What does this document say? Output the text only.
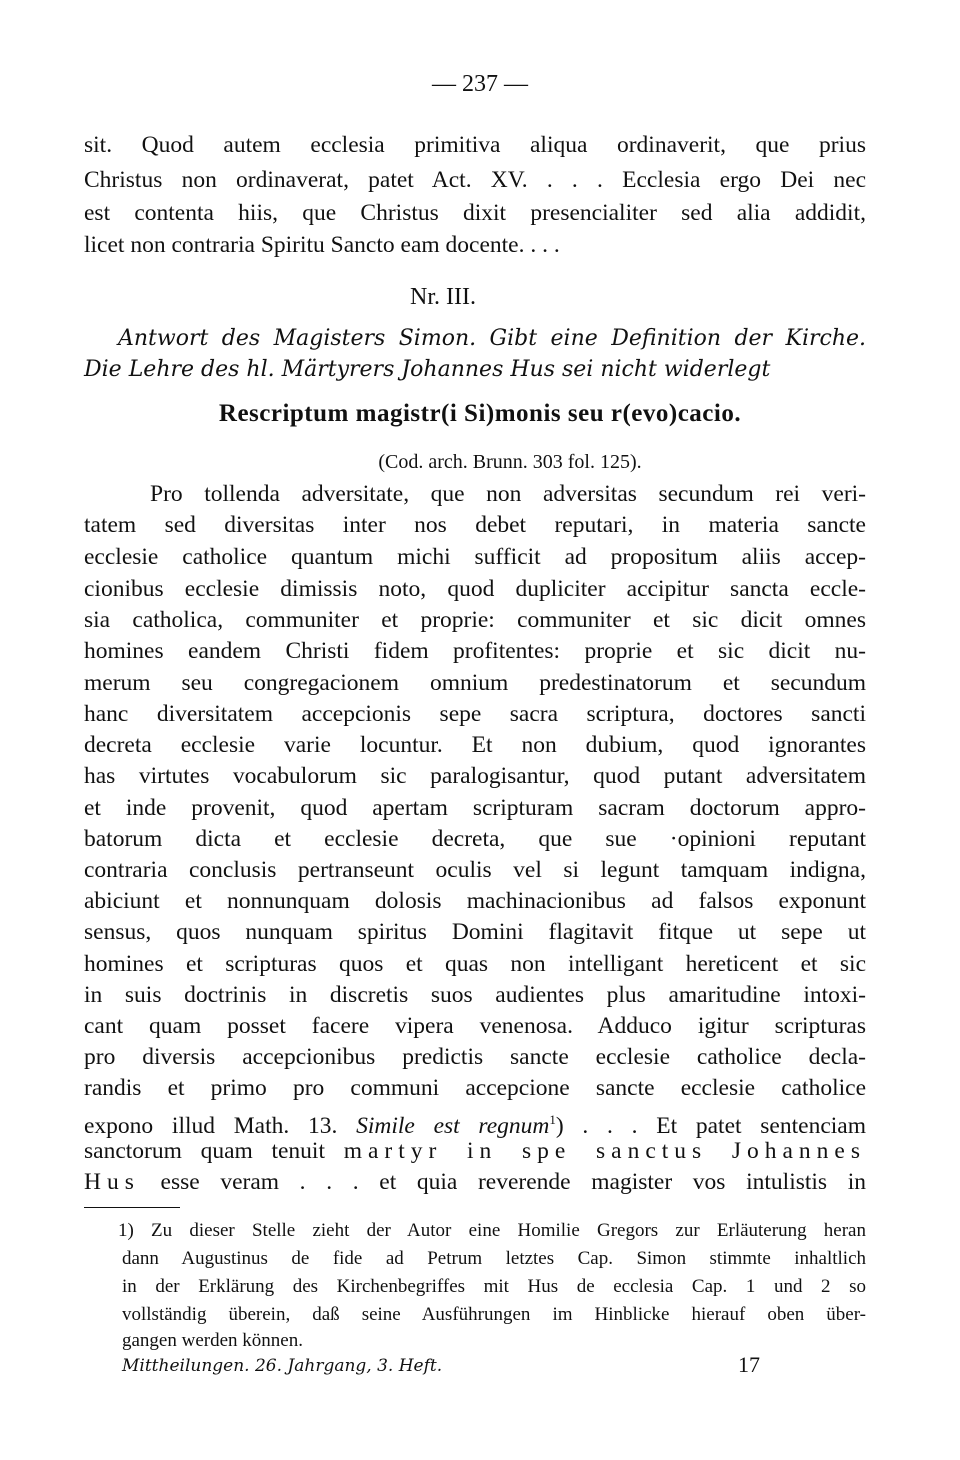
— 237 —
sit. Quod autem ecclesia primitiva aliqua ordinaverit, que prius
Christus non ordinaverat, patet Act. XV. . . . Ecclesia ergo Dei nec
est contenta hiis, que Christus dixit presencialiter sed alia addidit,
licet non contraria Spiritu Sancto eam docente. . . .
Nr. III.
Antwort des Magisters Simon. Gibt eine Definition der Kirche.
Die Lehre des hl. Märtyrers Johannes Hus sei nicht widerlegt
Rescriptum magistr(i Si)monis seu r(evo)cacio.
(Cod. arch. Brunn. 303 fol. 125).
Pro tollenda adversitate, que non adversitas secundum rei veri-
tatem sed diversitas inter nos debet reputari, in materia sancte
ecclesie catholice quantum michi sufficit ad propositum aliis accep-
cionibus ecclesie dimissis noto, quod dupliciter accipitur sancta eccle-
sia catholica, communiter et proprie: communiter et sic dicit omnes
homines eandem Christi fidem profitentes: proprie et sic dicit nu-
merum seu congregacionem omnium predestinatorum et secundum
hanc diversitatem accepcionis sepe sacra scriptura, doctores sancti
decreta ecclesie varie locuntur. Et non dubium, quod ignorantes
has virtutes vocabulorum sic paralogisantur, quod putant adversitatem
et inde provenit, quod apertam scripturam sacram doctorum appro-
batorum dicta et ecclesie decreta, que sue ·opinioni reputant
contraria conclusis pertranseunt oculis vel si legunt tamquam indigna,
abiciunt et nonnunquam dolosis machinacionibus ad falsos exponunt
sensus, quos nunquam spiritus Domini flagitavit fitque ut sepe ut
homines et scripturas quos et quas non intelligant hereticent et sic
in suis doctrinis in discretis suos audientes plus amaritudine intoxi-
cant quam posset facere vipera venenosa. Adduco igitur scripturas
pro diversis accepcionibus predictis sancte ecclesie catholice decla-
randis et primo pro communi accepcione sancte ecclesie catholice
expono illud Math. 13. Simile est regnum$^1$) . . . Et patet sentenciam
sanctorum quam tenuit martyr in spe sanctus Johannes
Hus esse veram . . . et quia reverende magister vos intulistis in
1) Zu dieser Stelle zieht der Autor eine Homilie Gregors zur Erläuterung heran
dann Augustinus de fide ad Petrum letztes Cap. Simon stimmte inhaltlich
in der Erklärung des Kirchenbegriffes mit Hus de ecclesia Cap. 1 und 2 so
vollständig überein, daß seine Ausführungen im Hinblicke hierauf oben über-
gangen werden können.
Mittheilungen. 26. Jahrgang, 3. Heft.	17
